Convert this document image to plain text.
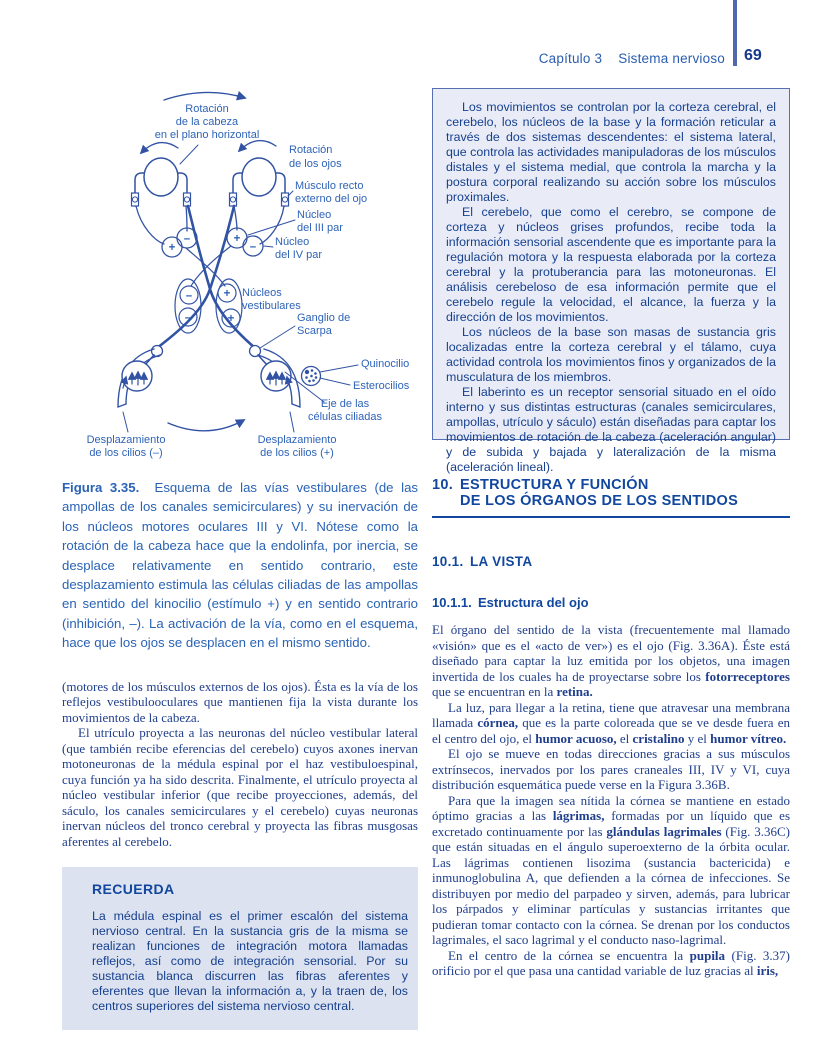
Capítulo 3 Sistema nervioso 69
Rotación
de la cabeza
en el plano horizontal
Rotación
de los ojos
Músculo recto
externo del ojo
Núcleo
del III par
Núcleo
del IV par
Núcleos
vestibulares
Ganglio de
Scarpa
Quinocilio
Esterocilios
Eje de las
células ciliadas
Desplazamiento
de los cilios (–)
Desplazamiento
de los cilios (+)
+
–	+
–
–
–
+
+

Figura 3.35.  Esquema de las vías vestibulares (de las ampollas de los canales semicirculares) y su inervación de los núcleos motores oculares III y VI. Nótese como la rotación de la cabeza hace que la endolinfa, por inercia, se desplace relativamente en sentido contrario, este desplazamiento estimula las células ciliadas de las ampollas en sentido del kinocilio (estímulo +) y en sentido contrario (inhibición, –). La activación de la vía, como en el esquema, hace que los ojos se desplacen en el mismo sentido.

(motores de los músculos externos de los ojos). Ésta es la vía de los reflejos vestibulooculares que mantienen fija la vista durante los movimientos de la cabeza.

El utrículo proyecta a las neuronas del núcleo vestibular lateral (que también recibe eferencias del cerebelo) cuyos axones inervan motoneuronas de la médula espinal por el haz vestibuloespinal, cuya función ya ha sido descrita. Finalmente, el utrículo proyecta al núcleo vestibular inferior (que recibe proyecciones, además, del sáculo, los canales semicirculares y el cerebelo) cuyas neuronas inervan núcleos del tronco cerebral y proyecta las fibras musgosas aferentes al cerebelo.

RECUERDA

La médula espinal es el primer escalón del sistema nervioso central. En la sustancia gris de la misma se realizan funciones de integración motora llamadas reflejos, así como de integración sensorial. Por su sustancia blanca discurren las fibras aferentes y eferentes que llevan la información a, y la traen de, los centros superiores del sistema nervioso central.

Los movimientos se controlan por la corteza cerebral, el cerebelo, los núcleos de la base y la formación reticular a través de dos sistemas descendentes: el sistema lateral, que controla las actividades manipuladoras de los músculos distales y el sistema medial, que controla la marcha y la postura corporal realizando su acción sobre los músculos proximales.

El cerebelo, que como el cerebro, se compone de corteza y núcleos grises profundos, recibe toda la información sensorial ascendente que es importante para la regulación motora y la respuesta elaborada por la corteza cerebral y la protuberancia para las motoneuronas. El análisis cerebeloso de esa información permite que el cerebelo regule la velocidad, el alcance, la fuerza y la dirección de los movimientos.

Los núcleos de la base son masas de sustancia gris localizadas entre la corteza cerebral y el tálamo, cuya actividad controla los movimientos finos y organizados de la musculatura de los miembros.

El laberinto es un receptor sensorial situado en el oído interno y sus distintas estructuras (canales semicirculares, ampollas, utrículo y sáculo) están diseñadas para captar los movimientos de rotación de la cabeza (aceleración angular) y de subida y bajada y lateralización de la misma (aceleración lineal).

10. ESTRUCTURA Y FUNCIÓN
DE LOS ÓRGANOS DE LOS SENTIDOS
10.1. LA VISTA
10.1.1. Estructura del ojo

El órgano del sentido de la vista (frecuentemente mal llamado «visión» que es el «acto de ver») es el ojo (Fig. 3.36A). Éste está diseñado para captar la luz emitida por los objetos, una imagen invertida de los cuales ha de proyectarse sobre los fotorreceptores que se encuentran en la retina.

La luz, para llegar a la retina, tiene que atravesar una membrana llamada córnea, que es la parte coloreada que se ve desde fuera en el centro del ojo, el humor acuoso, el cristalino y el humor vítreo.

El ojo se mueve en todas direcciones gracias a sus músculos extrínsecos, inervados por los pares craneales III, IV y VI, cuya distribución esquemática puede verse en la Figura 3.36B.

Para que la imagen sea nítida la córnea se mantiene en estado óptimo gracias a las lágrimas, formadas por un líquido que es excretado continuamente por las glándulas lagrimales (Fig. 3.36C) que están situadas en el ángulo superoexterno de la órbita ocular. Las lágrimas contienen lisozima (sustancia bactericida) e inmunoglobulina A, que defienden a la córnea de infecciones. Se distribuyen por medio del parpadeo y sirven, además, para lubricar los párpados y eliminar partículas y sustancias irritantes que pudieran tomar contacto con la córnea. Se drenan por los conductos lagrimales, el saco lagrimal y el conducto naso-lagrimal.

En el centro de la córnea se encuentra la pupila (Fig. 3.37) orificio por el que pasa una cantidad variable de luz gracias al iris,
